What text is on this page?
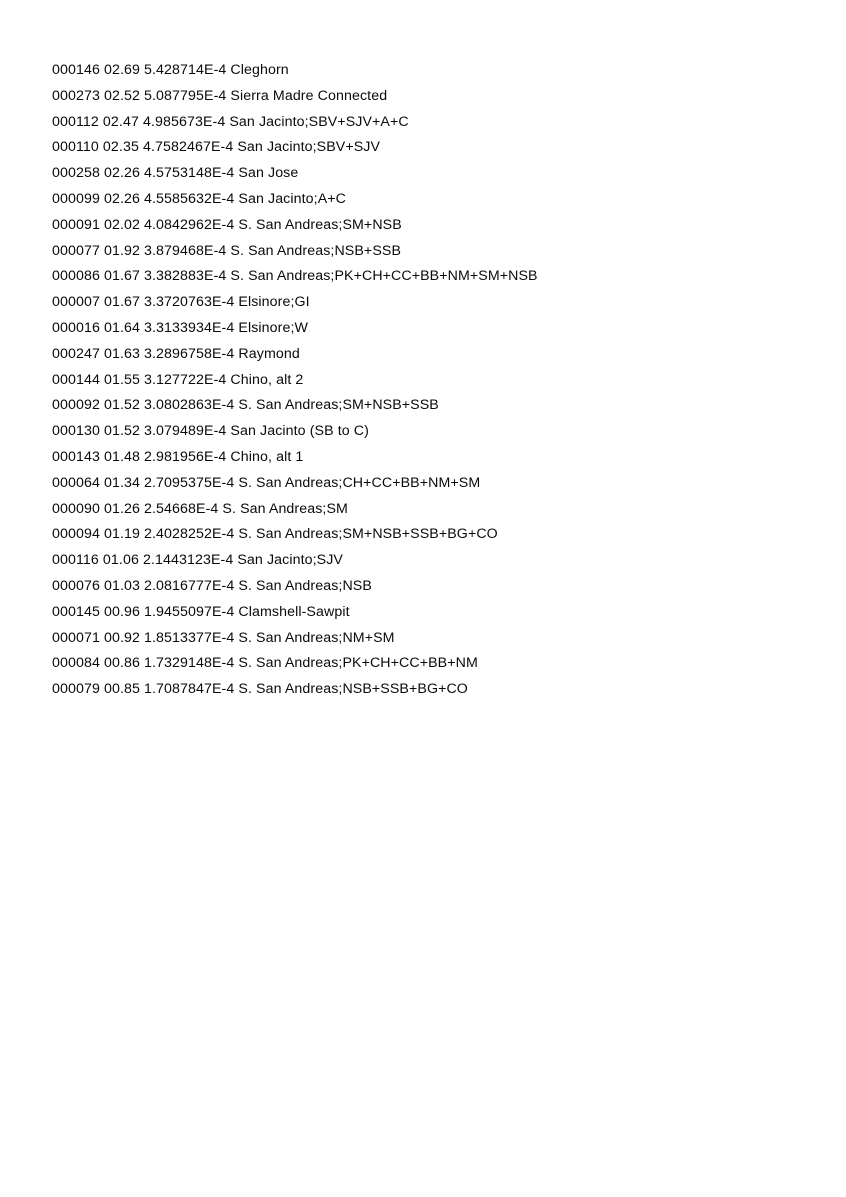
000146 02.69 5.428714E-4 Cleghorn
000273 02.52 5.087795E-4 Sierra Madre Connected
000112 02.47 4.985673E-4 San Jacinto;SBV+SJV+A+C
000110 02.35 4.7582467E-4 San Jacinto;SBV+SJV
000258 02.26 4.5753148E-4 San Jose
000099 02.26 4.5585632E-4 San Jacinto;A+C
000091 02.02 4.0842962E-4 S. San Andreas;SM+NSB
000077 01.92 3.879468E-4 S. San Andreas;NSB+SSB
000086 01.67 3.382883E-4 S. San Andreas;PK+CH+CC+BB+NM+SM+NSB
000007 01.67 3.3720763E-4 Elsinore;GI
000016 01.64 3.3133934E-4 Elsinore;W
000247 01.63 3.2896758E-4 Raymond
000144 01.55 3.127722E-4 Chino, alt 2
000092 01.52 3.0802863E-4 S. San Andreas;SM+NSB+SSB
000130 01.52 3.079489E-4 San Jacinto (SB to C)
000143 01.48 2.981956E-4 Chino, alt 1
000064 01.34 2.7095375E-4 S. San Andreas;CH+CC+BB+NM+SM
000090 01.26 2.54668E-4 S. San Andreas;SM
000094 01.19 2.4028252E-4 S. San Andreas;SM+NSB+SSB+BG+CO
000116 01.06 2.1443123E-4 San Jacinto;SJV
000076 01.03 2.0816777E-4 S. San Andreas;NSB
000145 00.96 1.9455097E-4 Clamshell-Sawpit
000071 00.92 1.8513377E-4 S. San Andreas;NM+SM
000084 00.86 1.7329148E-4 S. San Andreas;PK+CH+CC+BB+NM
000079 00.85 1.7087847E-4 S. San Andreas;NSB+SSB+BG+CO
